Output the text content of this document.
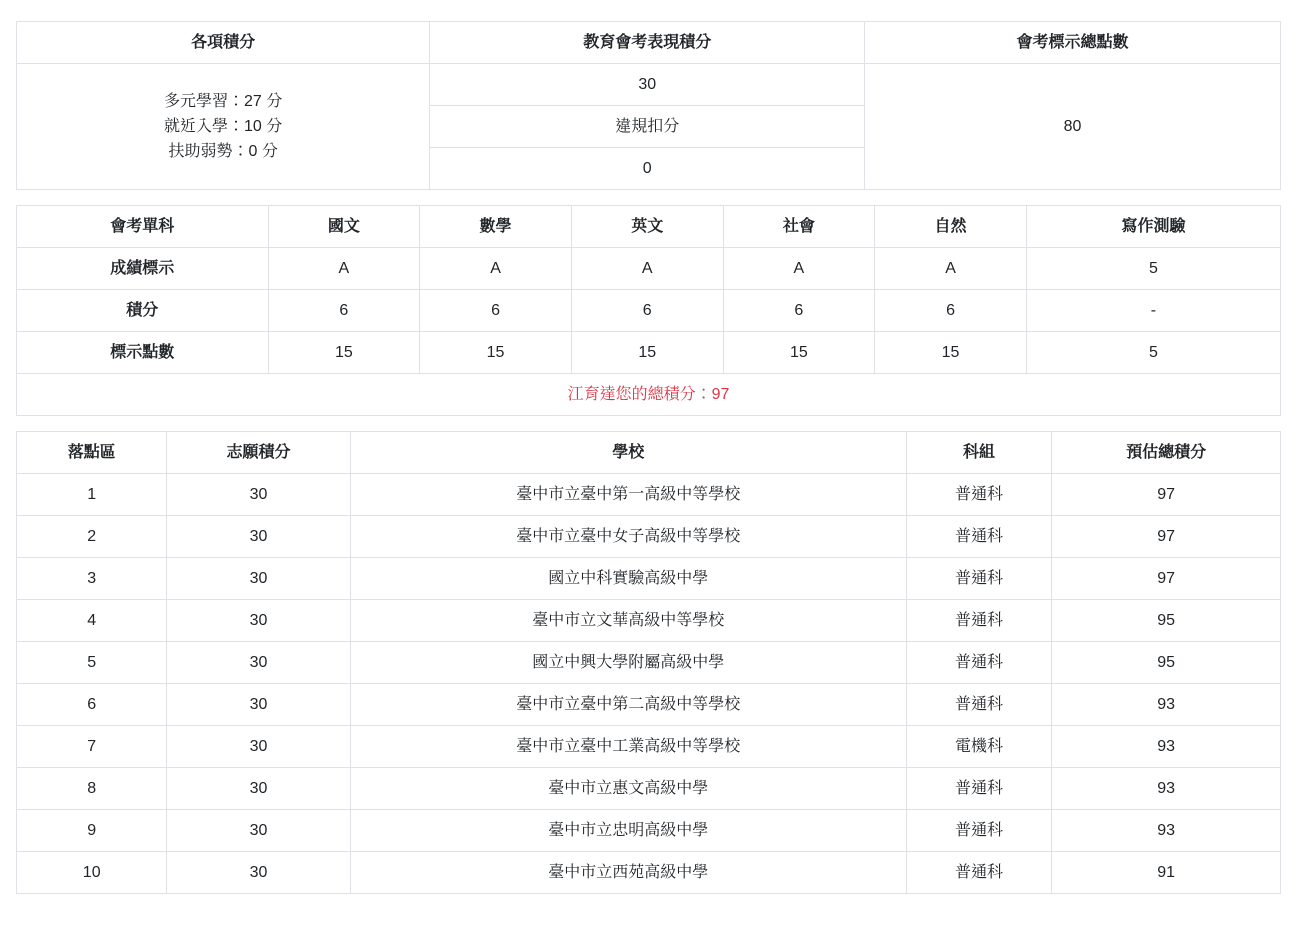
各項積分	教育會考表現積分	會考標示總點數

多元學習：27 分
就近入學：10 分
扶助弱勢：0 分	30	80
	違規扣分	
	0	
會考單科	國文	數學	英文	社會	自然	寫作測驗
成績標示	A	A	A	A	A	5
積分	6	6	6	6	6	-
標示點數	15	15	15	15	15	5
江育達您的總積分：97						
落點區	志願積分	學校	科組	預估總積分
1	30	臺中市立臺中第一高級中等學校	普通科	97
2	30	臺中市立臺中女子高級中等學校	普通科	97
3	30	國立中科實驗高級中學	普通科	97
4	30	臺中市立文華高級中等學校	普通科	95
5	30	國立中興大學附屬高級中學	普通科	95
6	30	臺中市立臺中第二高級中等學校	普通科	93
7	30	臺中市立臺中工業高級中等學校	電機科	93
8	30	臺中市立惠文高級中學	普通科	93
9	30	臺中市立忠明高級中學	普通科	93
10	30	臺中市立西苑高級中學	普通科	91
